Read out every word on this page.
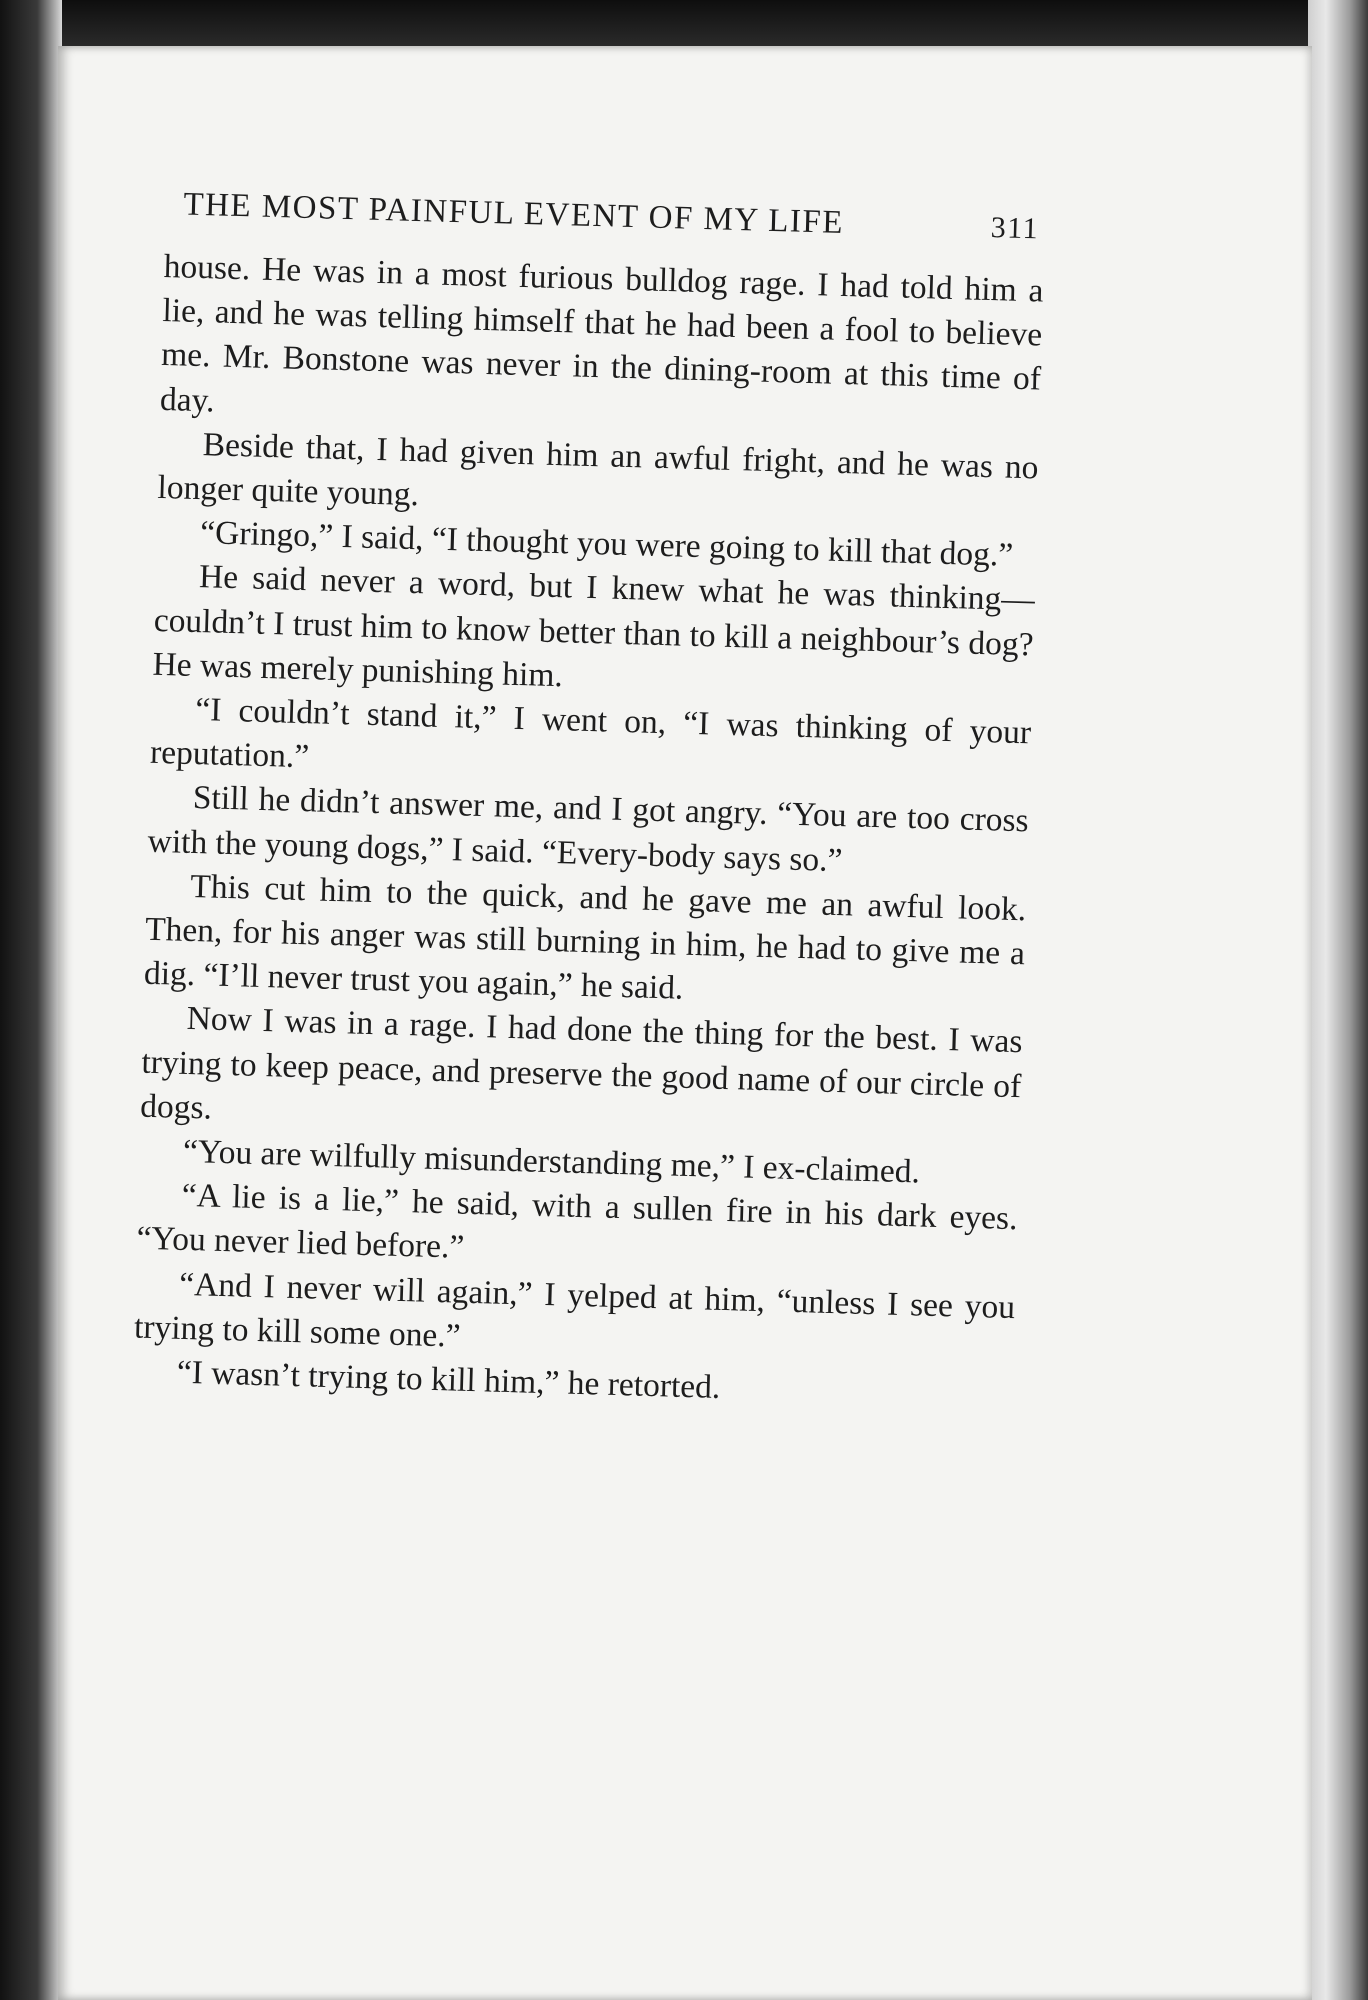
THE MOST PAINFUL EVENT OF MY LIFE	311

house. He was in a most furious bulldog rage. I had told him a lie, and he was telling himself that he had been a fool to believe me. Mr. Bonstone was never in the dining-room at this time of day.

Beside that, I had given him an awful fright, and he was no longer quite young.

“Gringo,” I said, “I thought you were going to kill that dog.”

He said never a word, but I knew what he was thinking—couldn’t I trust him to know better than to kill a neighbour’s dog? He was merely punishing him.

“I couldn’t stand it,” I went on, “I was thinking of your reputation.”

Still he didn’t answer me, and I got angry. “You are too cross with the young dogs,” I said. “Every-body says so.”

This cut him to the quick, and he gave me an awful look. Then, for his anger was still burning in him, he had to give me a dig. “I’ll never trust you again,” he said.

Now I was in a rage. I had done the thing for the best. I was trying to keep peace, and preserve the good name of our circle of dogs.

“You are wilfully misunderstanding me,” I ex-claimed.

“A lie is a lie,” he said, with a sullen fire in his dark eyes. “You never lied before.”

“And I never will again,” I yelped at him, “unless I see you trying to kill some one.”

“I wasn’t trying to kill him,” he retorted.
